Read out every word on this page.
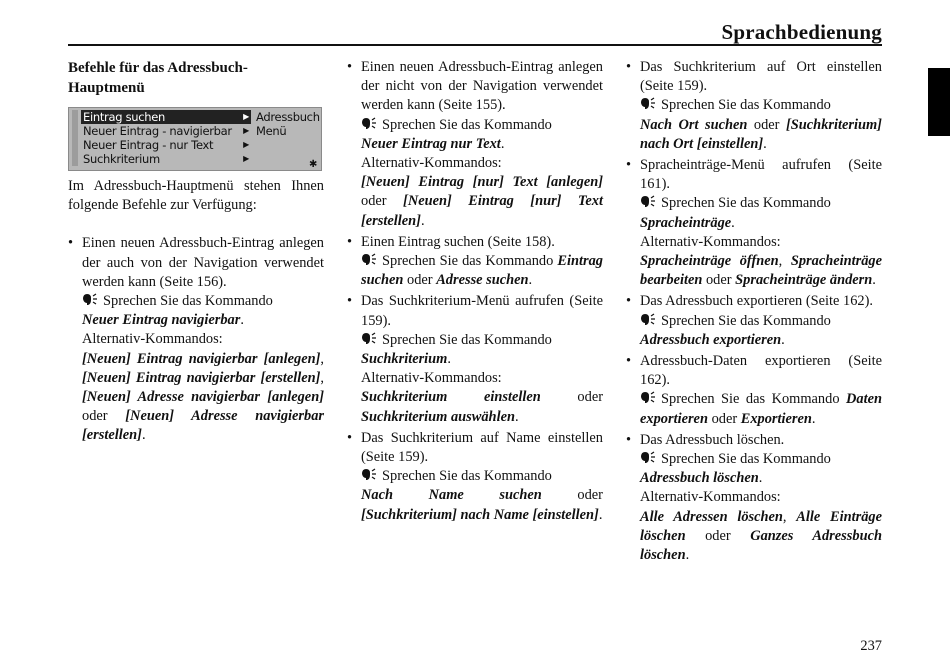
Sprachbedienung
Befehle für das Adressbuch-Hauptmenü
Eintrag suchen	▶
Neuer Eintrag - navigierbar ▶
Neuer Eintrag - nur Text	▶
Suchkriterium	▶
Adressbuch
Menü
✱

Im Adressbuch-Hauptmenü stehen Ihnen folgende Befehle zur Verfügung:

• Einen neuen Adressbuch-Eintrag anlegen der auch von der Navigation verwendet werden kann (Seite 156).
Sprechen Sie das Kommando
Neuer Eintrag navigierbar.
Alternativ-Kommandos:
[Neuen] Eintrag navigierbar [anlegen], [Neuen] Eintrag navigierbar [erstellen], [Neuen] Adresse navigierbar [anlegen] oder [Neuen] Adresse navigierbar [erstellen].
• Einen neuen Adressbuch-Eintrag anlegen der nicht von der Navigation verwendet werden kann (Seite 155).
Sprechen Sie das Kommando
Neuer Eintrag nur Text.
Alternativ-Kommandos:
[Neuen] Eintrag [nur] Text [anlegen] oder [Neuen] Eintrag [nur] Text [erstellen].
• Einen Eintrag suchen (Seite 158).
Sprechen Sie das Kommando Eintrag suchen oder Adresse suchen.
• Das Suchkriterium-Menü aufrufen (Seite 159).
Sprechen Sie das Kommando
Suchkriterium.
Alternativ-Kommandos:
Suchkriterium einstellen	oder Suchkriterium auswählen.
• Das Suchkriterium auf Name einstellen (Seite 159).
Sprechen Sie das Kommando
Nach Name suchen oder [Suchkriterium] nach Name [einstellen].
• Das Suchkriterium auf Ort einstellen (Seite 159).
Sprechen Sie das Kommando
Nach Ort suchen oder [Suchkriterium] nach Ort [einstellen].
• Spracheinträge-Menü aufrufen (Seite 161).
Sprechen Sie das Kommando
Spracheinträge.
Alternativ-Kommandos:
Spracheinträge öffnen, Spracheinträge bearbeiten oder Spracheinträge ändern.
• Das Adressbuch exportieren (Seite 162).
Sprechen Sie das Kommando
Adressbuch exportieren.
• Adressbuch-Daten exportieren (Seite 162).
Sprechen Sie das Kommando Daten exportieren oder Exportieren.
• Das Adressbuch löschen.
Sprechen Sie das Kommando
Adressbuch löschen.
Alternativ-Kommandos:
Alle Adressen löschen, Alle Einträge löschen oder Ganzes Adressbuch löschen.
237
